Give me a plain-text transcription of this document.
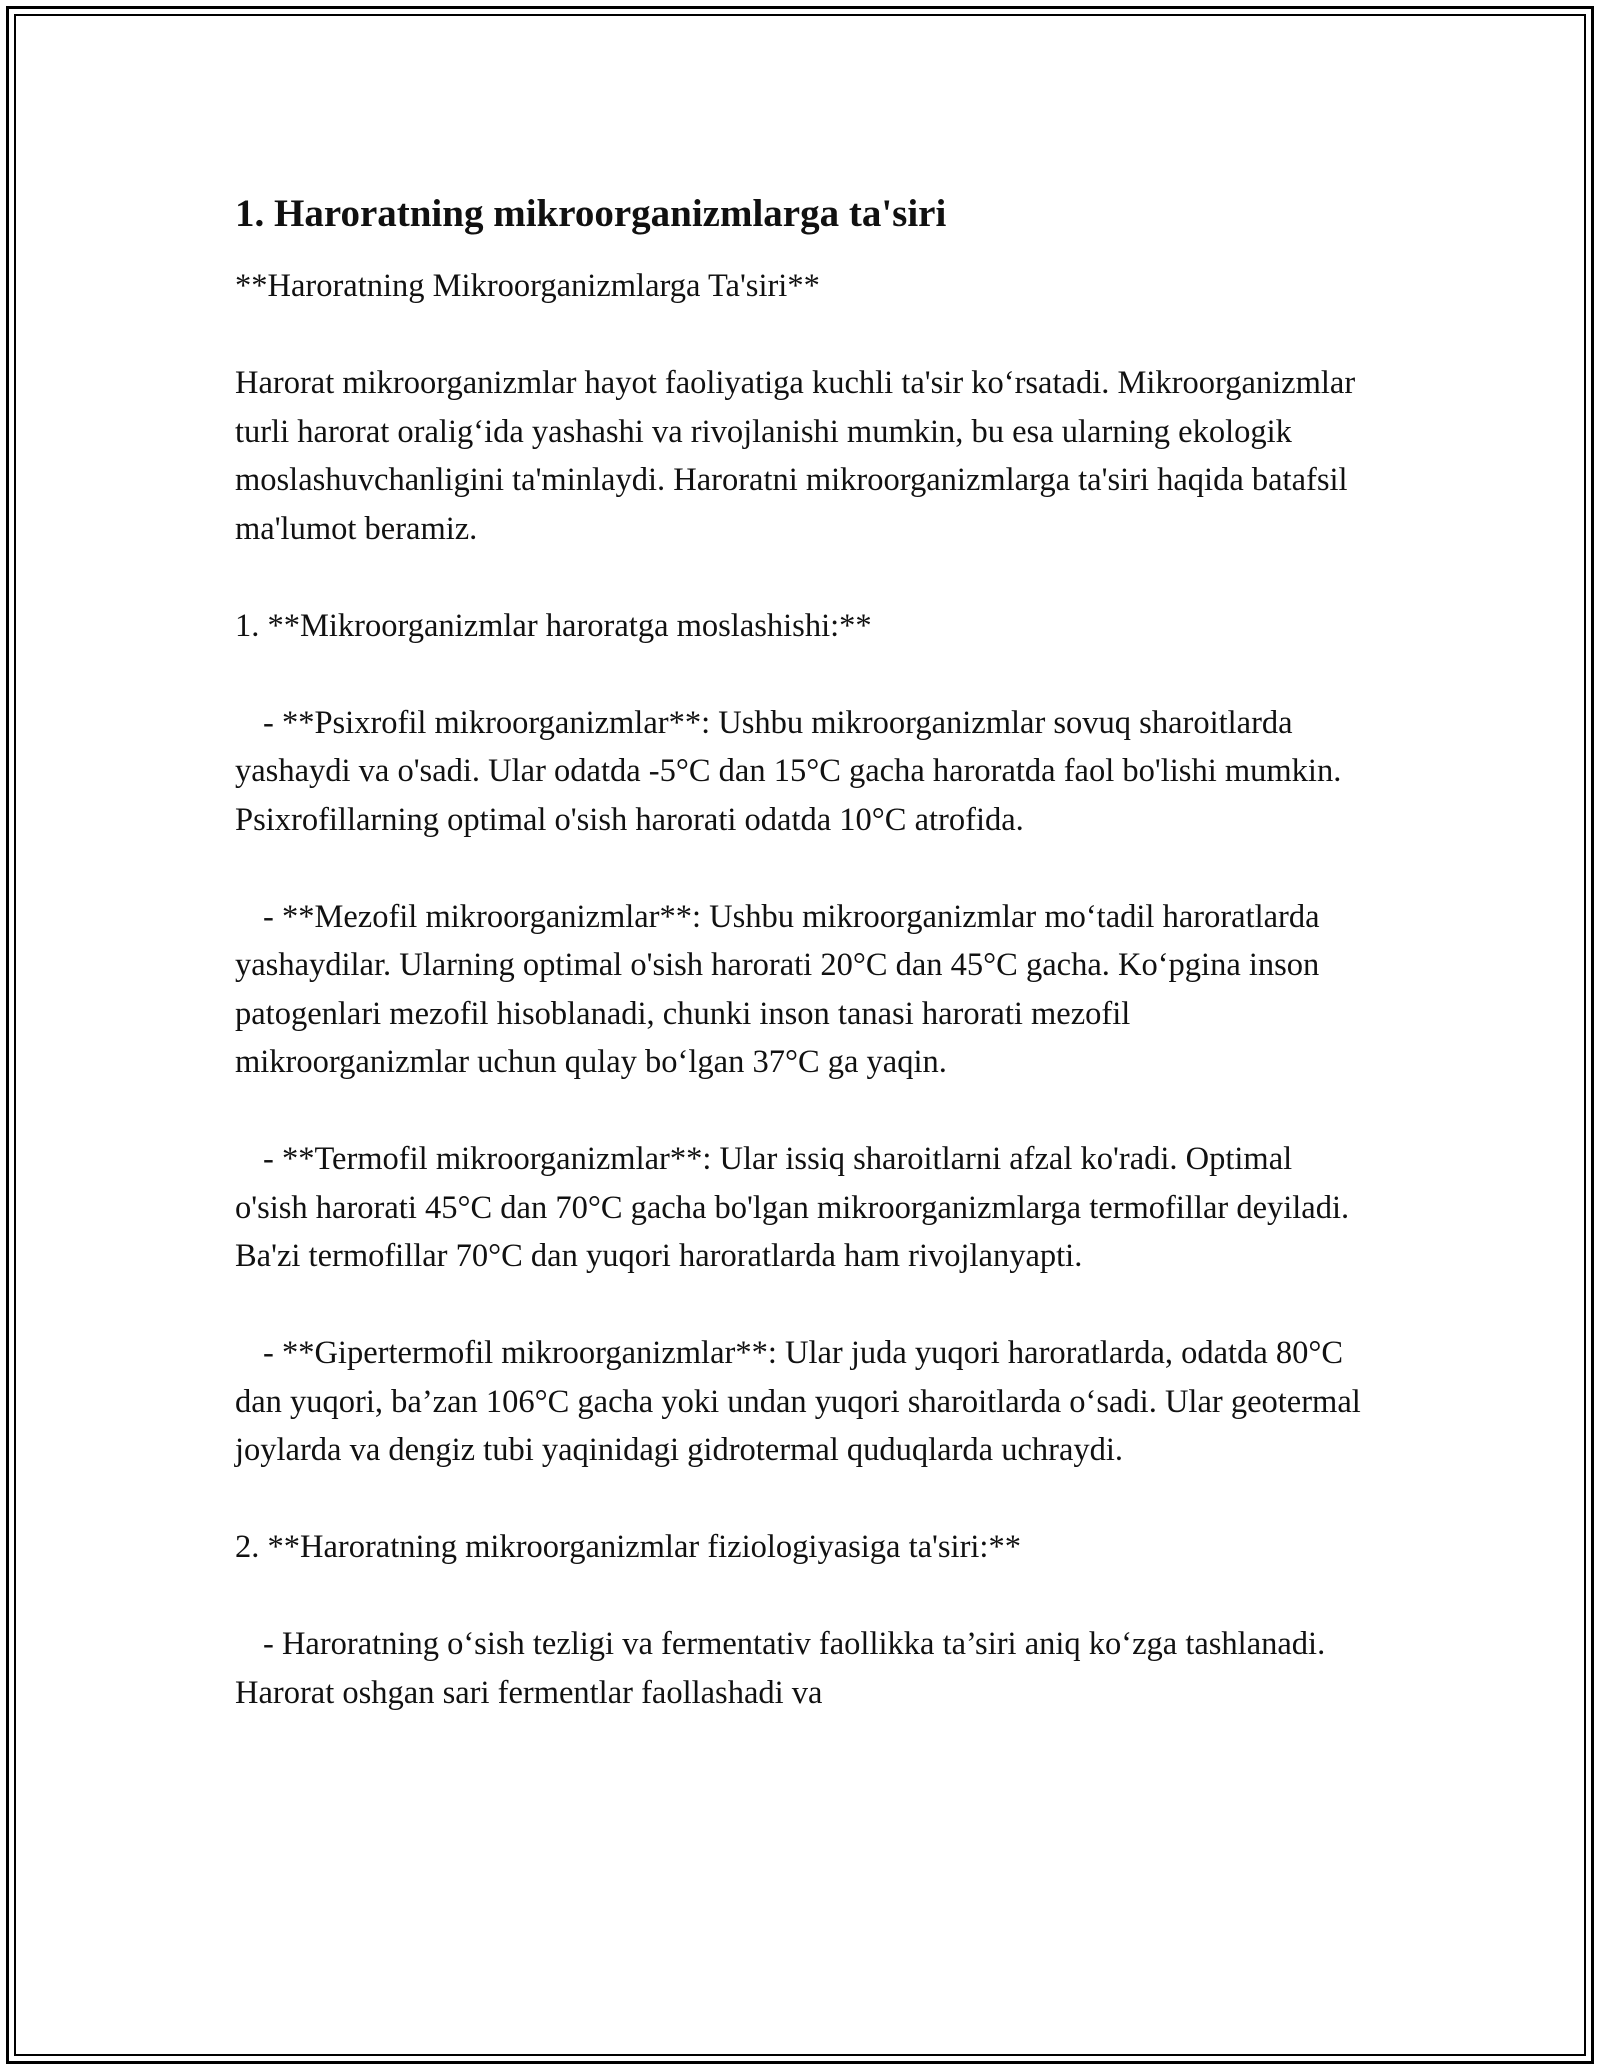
1. Haroratning mikroorganizmlarga ta'siri

**Haroratning Mikroorganizmlarga Ta'siri**

Harorat mikroorganizmlar hayot faoliyatiga kuchli ta'sir ko‘rsatadi. Mikroorganizmlar turli harorat oralig‘ida yashashi va rivojlanishi mumkin, bu esa ularning ekologik moslashuvchanligini ta'minlaydi. Haroratni mikroorganizmlarga ta'siri haqida batafsil ma'lumot beramiz.

1. **Mikroorganizmlar haroratga moslashishi:**

- **Psixrofil mikroorganizmlar**: Ushbu mikroorganizmlar sovuq sharoitlarda yashaydi va o'sadi. Ular odatda -5°C dan 15°C gacha haroratda faol bo'lishi mumkin. Psixrofillarning optimal o'sish harorati odatda 10°C atrofida.

- **Mezofil mikroorganizmlar**: Ushbu mikroorganizmlar mo‘tadil haroratlarda yashaydilar. Ularning optimal o'sish harorati 20°C dan 45°C gacha. Ko‘pgina inson patogenlari mezofil hisoblanadi, chunki inson tanasi harorati mezofil mikroorganizmlar uchun qulay bo‘lgan 37°C ga yaqin.

- **Termofil mikroorganizmlar**: Ular issiq sharoitlarni afzal ko'radi. Optimal o'sish harorati 45°C dan 70°C gacha bo'lgan mikroorganizmlarga termofillar deyiladi. Ba'zi termofillar 70°C dan yuqori haroratlarda ham rivojlanyapti.

- **Gipertermofil mikroorganizmlar**: Ular juda yuqori haroratlarda, odatda 80°C dan yuqori, ba’zan 106°C gacha yoki undan yuqori sharoitlarda o‘sadi. Ular geotermal joylarda va dengiz tubi yaqinidagi gidrotermal quduqlarda uchraydi.

2. **Haroratning mikroorganizmlar fiziologiyasiga ta'siri:**

- Haroratning o‘sish tezligi va fermentativ faollikka ta’siri aniq ko‘zga tashlanadi. Harorat oshgan sari fermentlar faollashadi va
